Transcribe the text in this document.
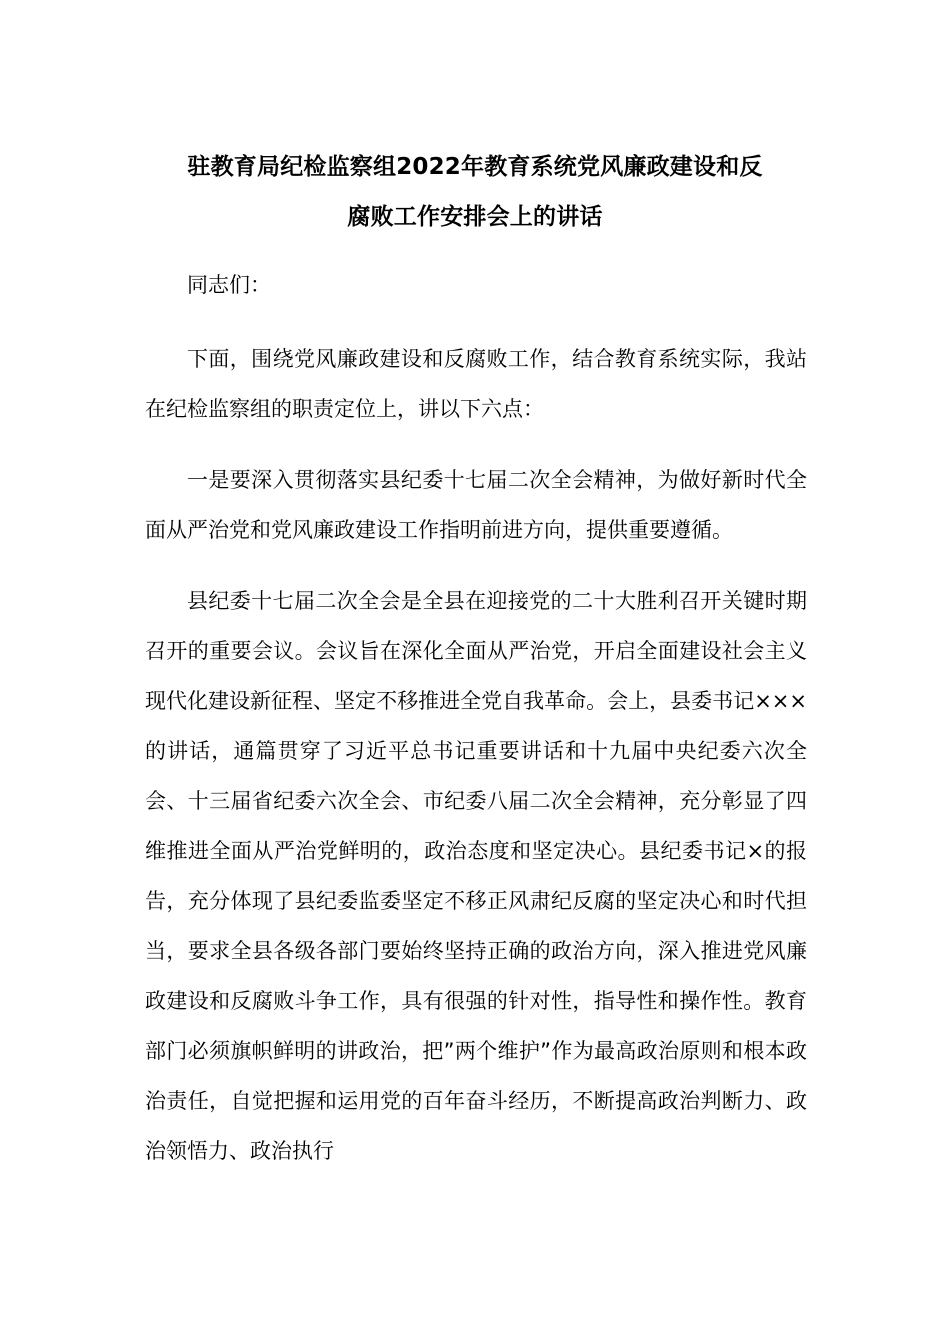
驻教育局纪检监察组2022年教育系统党风廉政建设和反
腐败工作安排会上的讲话

同志们：

下面，围绕党风廉政建设和反腐败工作，结合教育系统实际，我站在纪检监察组的职责定位上，讲以下六点：

一是要深入贯彻落实县纪委十七届二次全会精神，为做好新时代全面从严治党和党风廉政建设工作指明前进方向，提供重要遵循。

县纪委十七届二次全会是全县在迎接党的二十大胜利召开关键时期召开的重要会议。会议旨在深化全面从严治党，开启全面建设社会主义现代化建设新征程、坚定不移推进全党自我革命。会上，县委书记×××的讲话，通篇贯穿了习近平总书记重要讲话和十九届中央纪委六次全会、十三届省纪委六次全会、市纪委八届二次全会精神，充分彰显了四维推进全面从严治党鲜明的，政治态度和坚定决心。县纪委书记×的报告，充分体现了县纪委监委坚定不移正风肃纪反腐的坚定决心和时代担当，要求全县各级各部门要始终坚持正确的政治方向，深入推进党风廉政建设和反腐败斗争工作，具有很强的针对性，指导性和操作性。教育部门必须旗帜鲜明的讲政治，把”两个维护”作为最高政治原则和根本政治责任，自觉把握和运用党的百年奋斗经历，不断提高政治判断力、政治领悟力、政治执行
